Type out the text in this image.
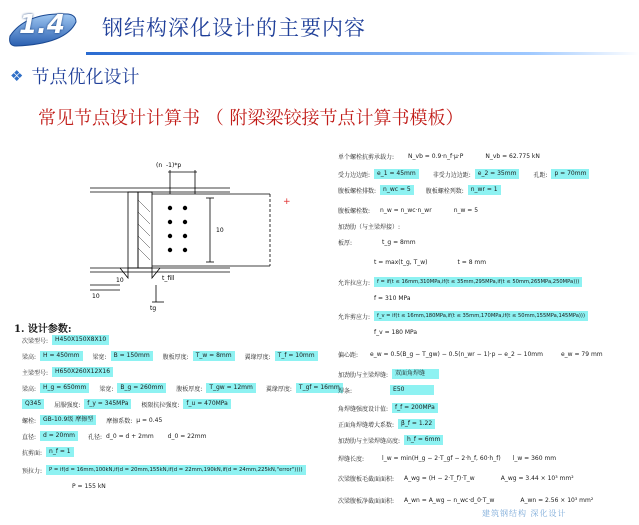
1.4	钢结构深化设计的主要内容
❖ 节点优化设计
常见节点设计计算书 （ 附梁梁铰接节点计算书模板）
(n -1)*p
10
10
10
t_fill
tg
+
1. 设计参数:
次梁型号:	H450X150X8X10
梁高:	H = 450mm	梁宽:	B = 150mm	腹板厚度:	T_w = 8mm	翼缘厚度:	T_f = 10mm
主梁型号:	H650X260X12X16
梁高:	H_g = 650mm	梁宽:	B_g = 260mm	腹板厚度:	T_gw = 12mm	翼缘厚度:	T_gf = 16mm
Q345	屈服强度:	f_y = 345MPa	极限抗拉强度:	f_u = 470MPa
螺栓:	GB-10.9级 摩擦型	摩擦系数: μ = 0.45
直径:	d = 20mm	孔径: d_0 = d + 2mm d_0 = 22mm
抗剪面:	n_f = 1
预拉力:	P = if(d = 16mm,100kN,if(d = 20mm,155kN,if(d = 22mm,190kN,if(d = 24mm,225kN,"error"))))
P = 155 kN
单个螺栓抗剪承载力: N_vb = 0.9·n_f·μ·P	N_vb = 62.775 kN
受力边边距:	e_1 = 45mm	非受力边边距:	e_2 = 35mm	孔距:	p = 70mm
腹板螺栓排数:	n_wc = 5	腹板螺栓列数:	n_wr = 1
腹板螺栓数: n_w = n_wc·n_wr	n_w = 5
加劲肋（与主梁焊接）:
板厚:	t_g = 8mm
t = max(t_g, T_w)	t = 8 mm
允许拉应力:	f = if(t ≤ 16mm,310MPa,if(t ≤ 35mm,295MPa,if(t ≤ 50mm,265MPa,250MPa)))
f = 310 MPa
允许剪应力:	f_v = if(t ≤ 16mm,180MPa,if(t ≤ 35mm,170MPa,if(t ≤ 50mm,155MPa,145MPa)))
f_v = 180 MPa
偏心距: e_w = 0.5(B_g − T_gw) − 0.5(n_wr − 1)·p − e_2 − 10mm	e_w = 79 mm
加劲肋与主梁焊缝:	双面角焊缝
焊条:	E50
角焊缝强度设计值:	f_f = 200MPa
正面角焊缝增大系数:	β_f = 1.22
加劲肋与主梁焊缝高度:	h_f = 6mm
焊缝长度:	l_w = min(H_g − 2·T_gf − 2·h_f, 60·h_f) l_w = 360 mm
次梁腹板毛截面面积: A_wg = (H − 2·T_f)·T_w	A_wg = 3.44 × 10³ mm²
次梁腹板净截面面积: A_wn = A_wg − n_wc·d_0·T_w	A_wn = 2.56 × 10³ mm²
建筑钢结构 深化设计
